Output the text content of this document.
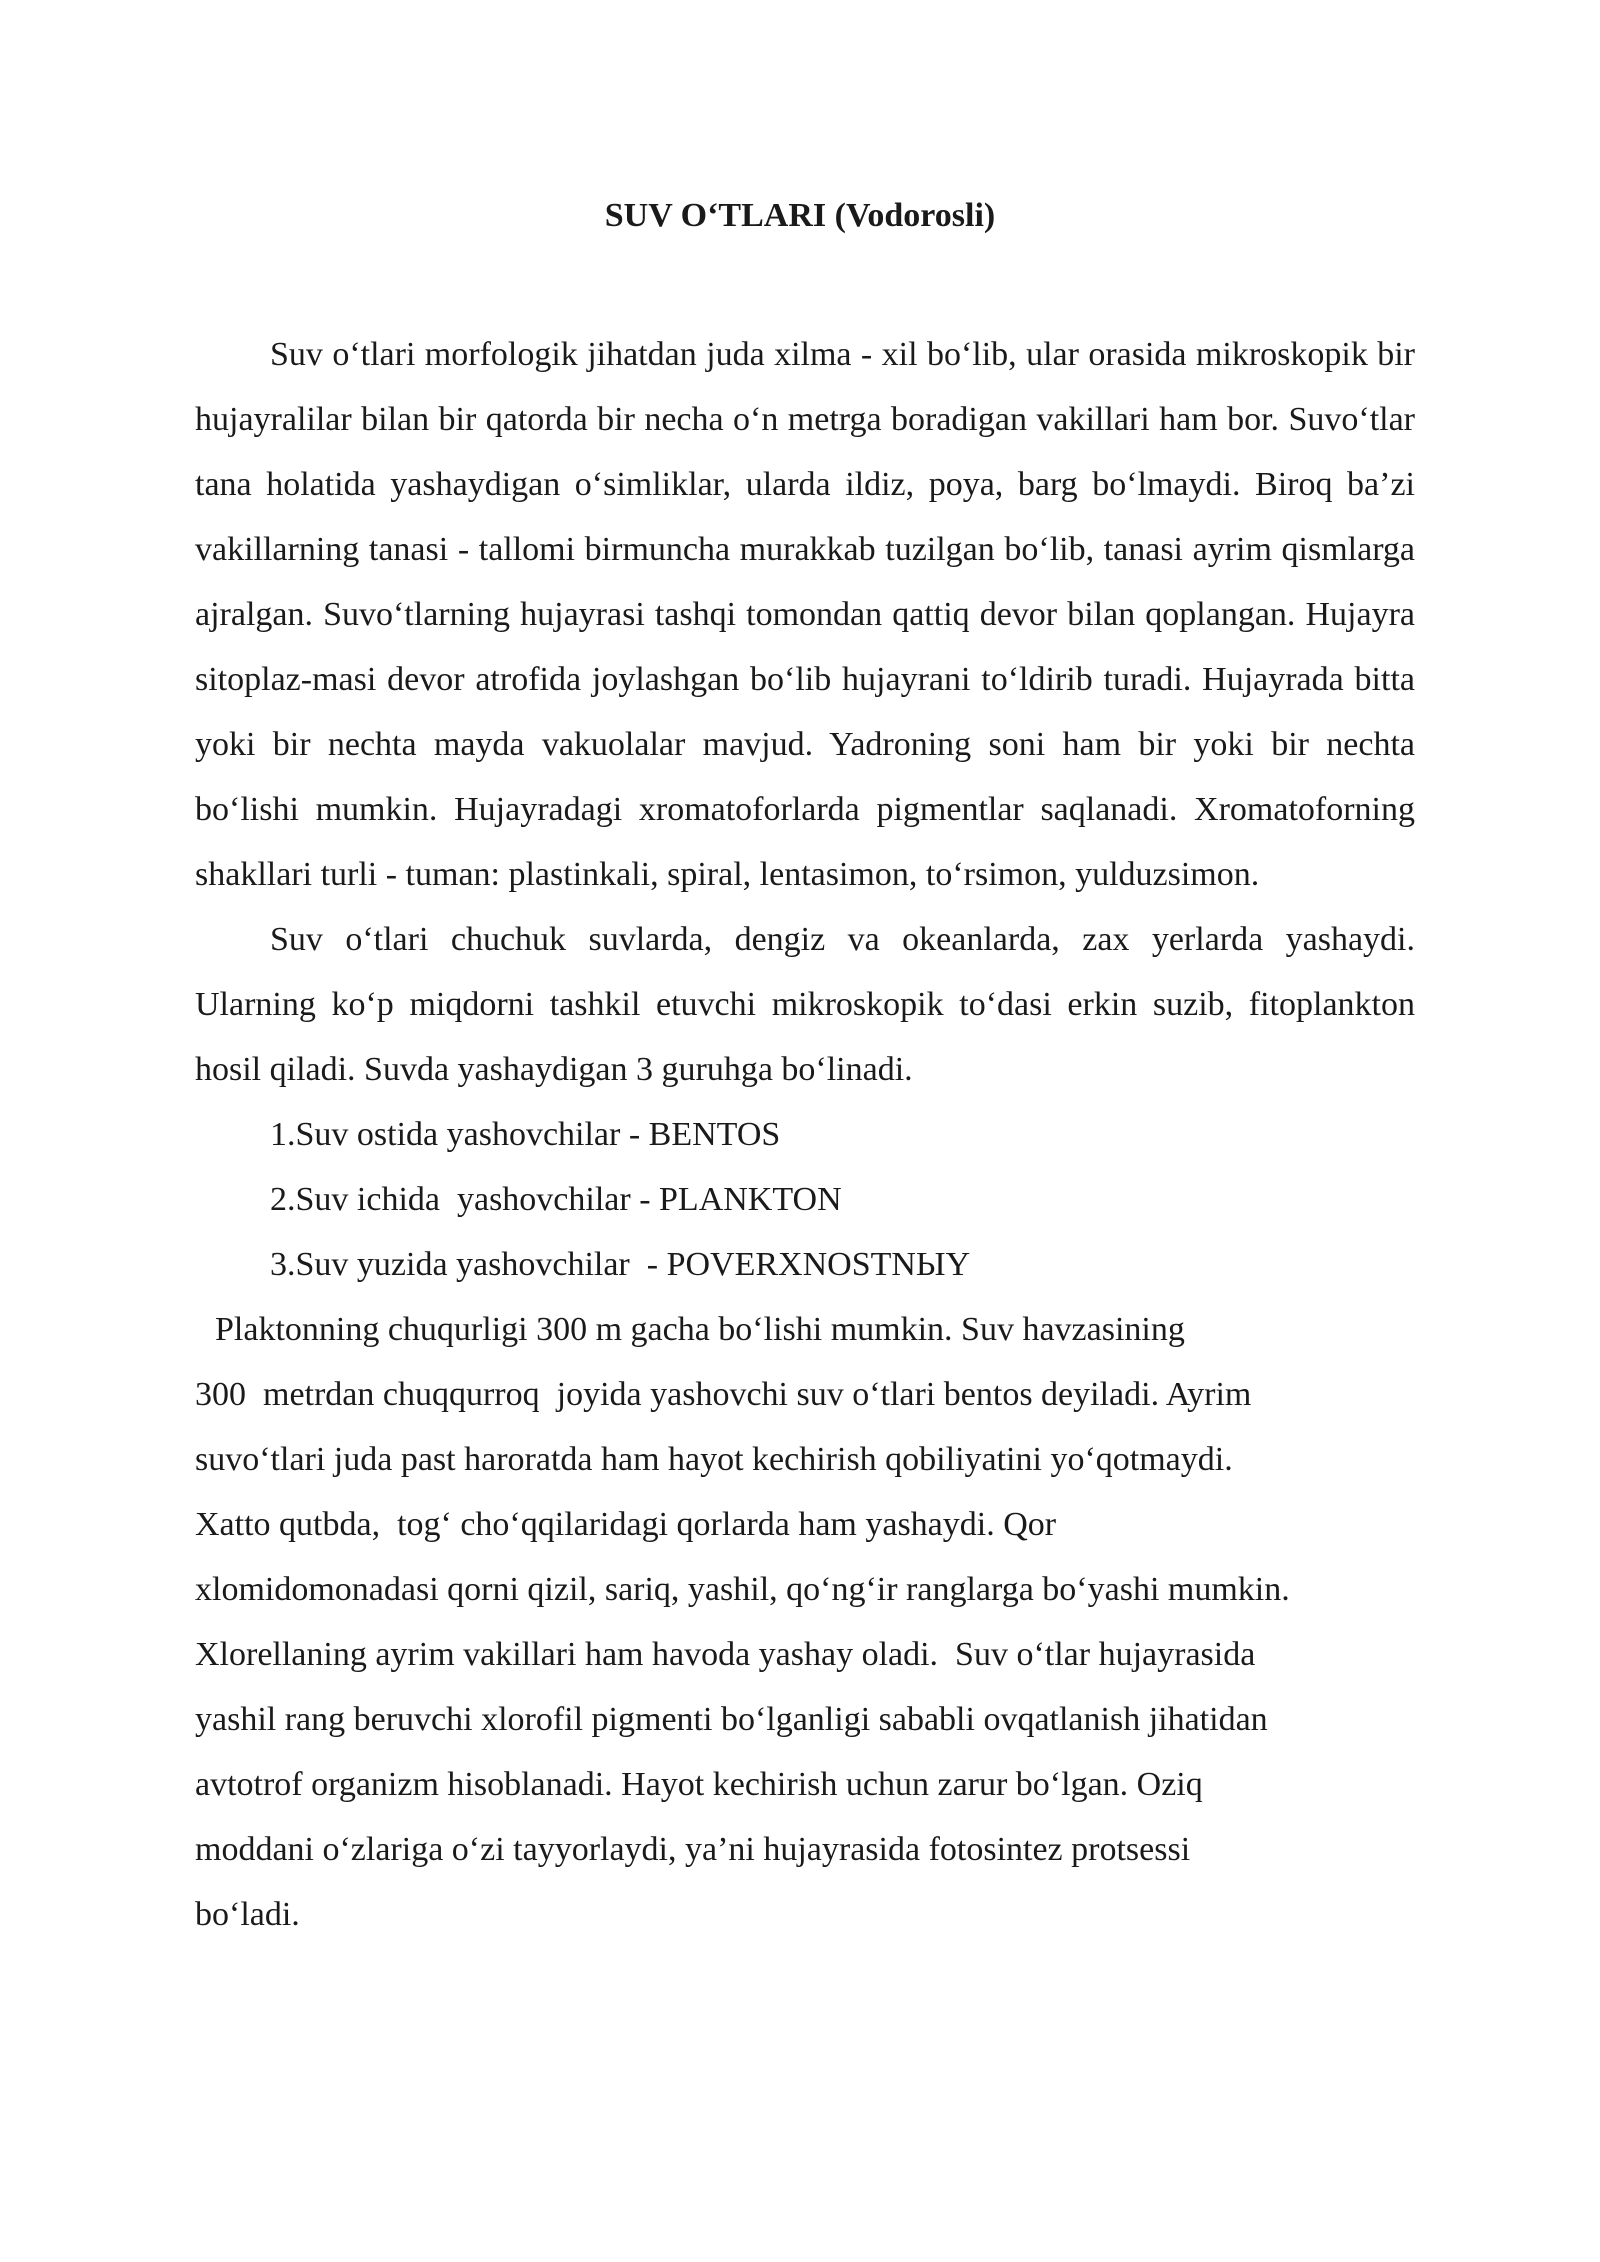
SUV O‘TLARI (Vodorosli)

Suv o‘tlari morfologik jihatdan juda xilma - xil bo‘lib, ular orasida mikroskopik bir hujayralilar bilan bir qatorda bir necha o‘n metrga boradigan vakillari ham bor. Suvo‘tlar tana holatida yashaydigan o‘simliklar, ularda ildiz, poya, barg bo‘lmaydi. Biroq ba’zi vakillarning tanasi - tallomi birmuncha murakkab tuzilgan bo‘lib, tanasi ayrim qismlarga ajralgan. Suvo‘tlarning hujayrasi tashqi tomondan qattiq devor bilan qoplangan. Hujayra sitoplaz-masi devor atrofida joylashgan bo‘lib hujayrani to‘ldirib turadi. Hujayrada bitta yoki bir nechta mayda vakuolalar mavjud. Yadroning soni ham bir yoki bir nechta bo‘lishi mumkin. Hujayradagi xromatoforlarda pigmentlar saqlanadi. Xromatoforning shakllari turli - tuman: plastinkali, spiral, lentasimon, to‘rsimon, yulduzsimon.

Suv o‘tlari chuchuk suvlarda, dengiz va okeanlarda, zax yerlarda yashaydi. Ularning ko‘p miqdorni tashkil etuvchi mikroskopik to‘dasi erkin suzib, fitoplankton hosil qiladi. Suvda yashaydigan 3 guruhga bo‘linadi.

1.Suv ostida yashovchilar - BENTOS

2.Suv ichida  yashovchilar - PLANKTON

3.Suv yuzida yashovchilar  - POVERXNOSTNЫY

Plaktonning chuqurligi 300 m gacha bo‘lishi mumkin. Suv havzasining
300  metrdan chuqqurroq  joyida yashovchi suv o‘tlari bentos deyiladi. Ayrim
suvo‘tlari juda past haroratda ham hayot kechirish qobiliyatini yo‘qotmaydi.
Xatto qutbda,  tog‘ cho‘qqilaridagi qorlarda ham yashaydi. Qor
xlomidomonadasi qorni qizil, sariq, yashil, qo‘ng‘ir ranglarga bo‘yashi mumkin.
Xlorellaning ayrim vakillari ham havoda yashay oladi.  Suv o‘tlar hujayrasida
yashil rang beruvchi xlorofil pigmenti bo‘lganligi sababli ovqatlanish jihatidan
avtotrof organizm hisoblanadi. Hayot kechirish uchun zarur bo‘lgan. Oziq
moddani o‘zlariga o‘zi tayyorlaydi, ya’ni hujayrasida fotosintez protsessi
bo‘ladi.
